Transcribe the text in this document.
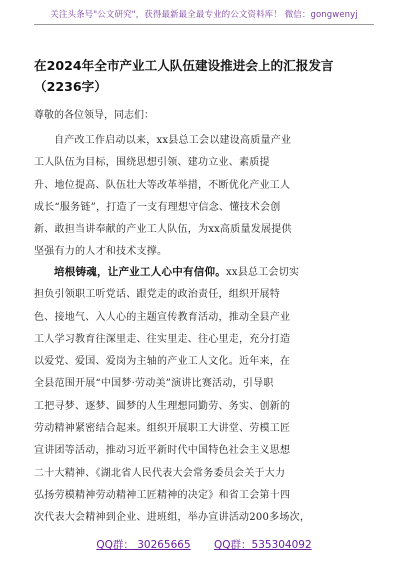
关注头条号"公文研究"，获得最新最全最专业的公文资料库！ 微信：gongwenyj
在2024年全市产业工人队伍建设推进会上的汇报发言
（2236字）
尊敬的各位领导，同志们：
自产改工作启动以来，xx县总工会以建设高质量产业
工人队伍为目标，围绕思想引领、建功立业、素质提
升、地位提高、队伍壮大等改革举措，不断优化产业工人
成长“服务链”，打造了一支有理想守信念、懂技术会创
新、敢担当讲奉献的产业工人队伍，为xx高质量发展提供
坚强有力的人才和技术支撑。
培根铸魂，让产业工人心中有信仰。xx县总工会切实
担负引领职工听党话、跟党走的政治责任，组织开展特
色、接地气、入人心的主题宣传教育活动，推动全县产业
工人学习教育往深里走、往实里走、往心里走，充分打造
以爱党、爱国、爱岗为主轴的产业工人文化。近年来，在
全县范围开展“中国梦·劳动美”演讲比赛活动，引导职
工把寻梦、逐梦、圆梦的人生理想同勤劳、务实、创新的
劳动精神紧密结合起来。组织开展职工大讲堂、劳模工匠
宣讲团等活动，推动习近平新时代中国特色社会主义思想
二十大精神、《湖北省人民代表大会常务委员会关于大力
弘扬劳模精神劳动精神工匠精神的决定》和省工会第十四
次代表大会精神到企业、进班组，举办宣讲活动200多场次，
QQ群： 30265665 QQ群：535304092
